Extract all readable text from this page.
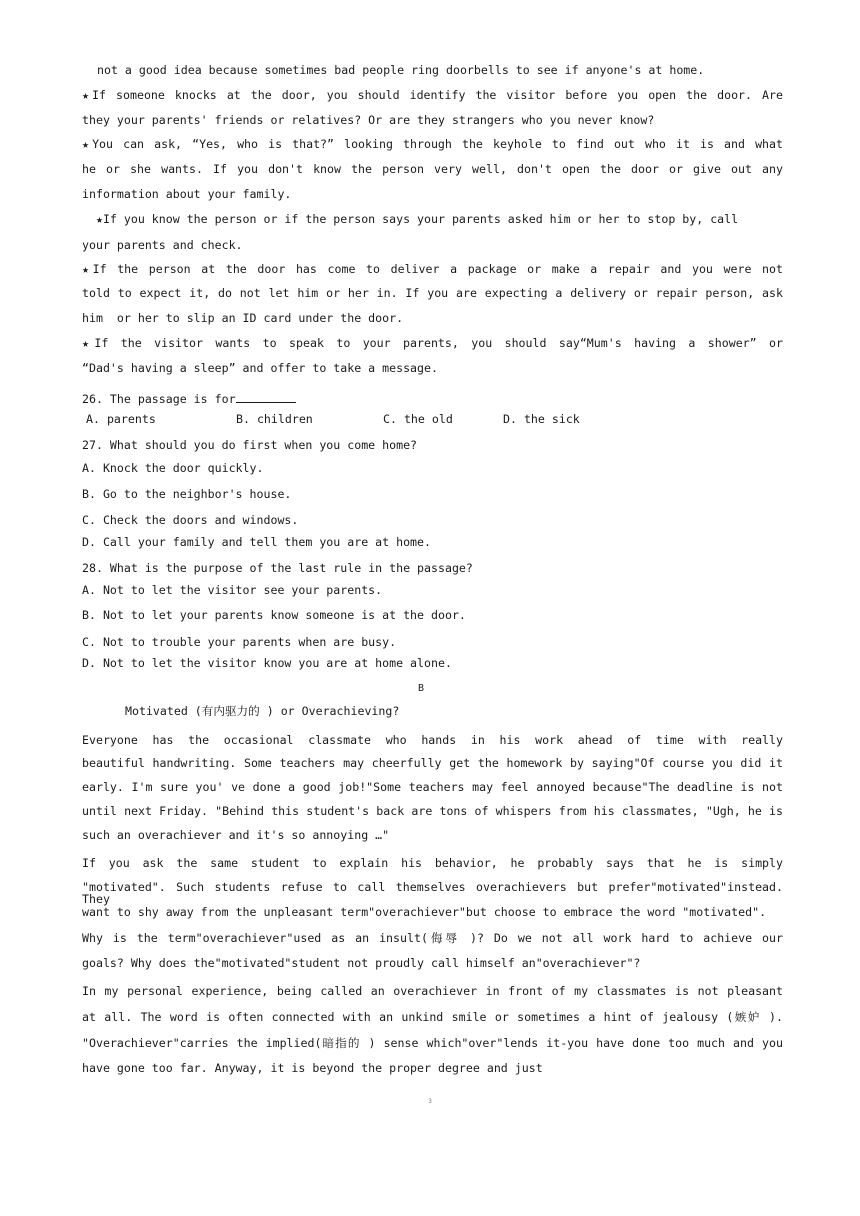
not a good idea because sometimes bad people ring doorbells to see if anyone's at home.
★If someone knocks at the door, you should identify the visitor before you open the door. Are
they your parents' friends or relatives? Or are they strangers who you never know?
★You can ask, “Yes, who is that?” looking through the keyhole to find out who it is and what
he or she wants. If you don't know the person very well, don't open the door or give out any
information about your family.
★If you know the person or if the person says your parents asked him or her to stop by, call
your parents and check.
★If the person at the door has come to deliver a package or make a repair and you were not
told to expect it, do not let him or her in. If you are expecting a delivery or repair person, ask
him  or her to slip an ID card under the door.
★If the visitor wants to speak to your parents, you should say“Mum's having a shower” or
“Dad's having a sleep” and offer to take a message.
26. The passage is for
A. parents	B. children	C. the old	D. the sick
27. What should you do first when you come home?
A. Knock the door quickly.
B. Go to the neighbor's house.
C. Check the doors and windows.
D. Call your family and tell them you are at home.
28. What is the purpose of the last rule in the passage?
A. Not to let the visitor see your parents.
B. Not to let your parents know someone is at the door.
C. Not to trouble your parents when are busy.
D. Not to let the visitor know you are at home alone.
B
Motivated (有内驱力的 ) or Overachieving?
Everyone has the occasional classmate who hands in his work ahead of time with really
beautiful handwriting. Some teachers may cheerfully get the homework by saying"Of course you did it
early. I'm sure you' ve done a good job!"Some teachers may feel annoyed because"The deadline is not
until next Friday. "Behind this student's back are tons of whispers from his classmates, "Ugh, he is
such an overachiever and it's so annoying …"
If you ask the same student to explain his behavior, he probably says that he is simply
"motivated". Such students refuse to call themselves overachievers but prefer"motivated"instead. They
want to shy away from the unpleasant term"overachiever"but choose to embrace the word "motivated".
Why is the term"overachiever"used as an insult(侮辱 )? Do we not all work hard to achieve our
goals? Why does the"motivated"student not proudly call himself an"overachiever"?
In my personal experience, being called an overachiever in front of my classmates is not pleasant
at all. The word is often connected with an unkind smile or sometimes a hint of jealousy (嫉妒 ).
"Overachiever"carries the implied(暗指的 ) sense which"over"lends it-you have done too much and you
have gone too far. Anyway, it is beyond the proper degree and just
3
